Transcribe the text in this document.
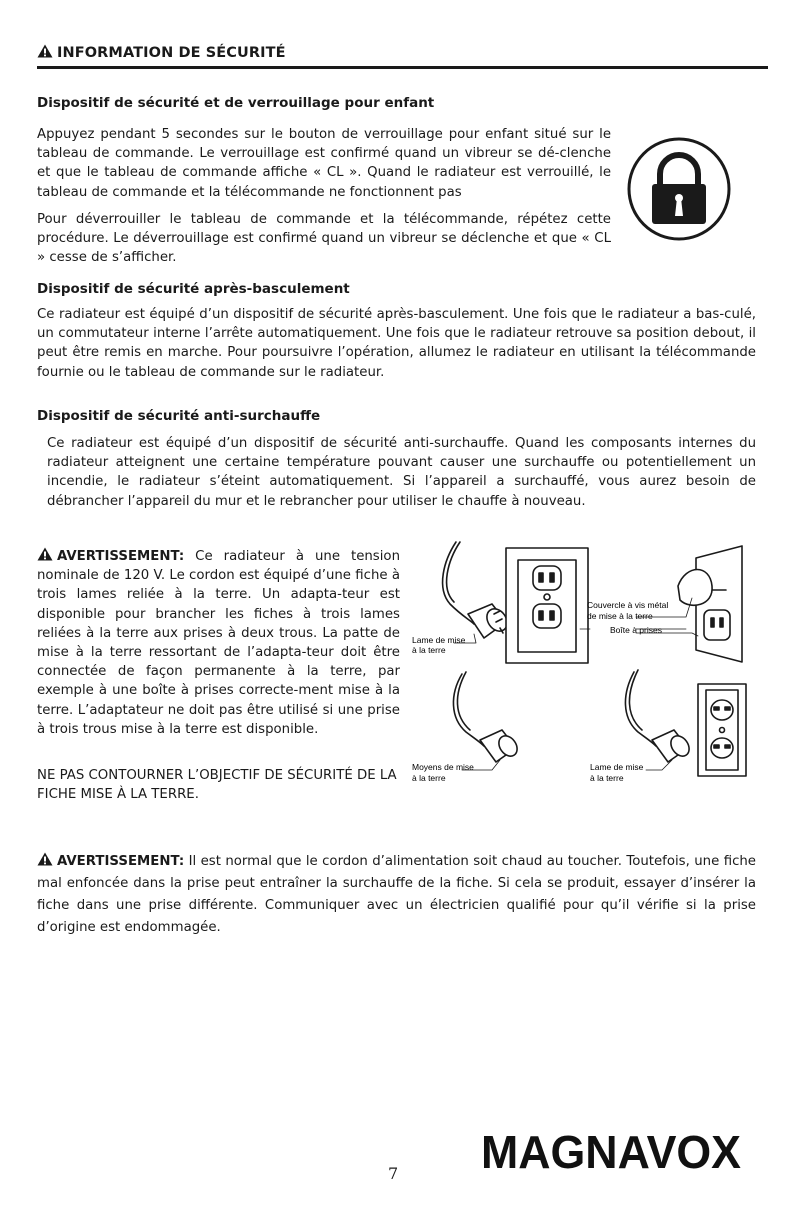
INFORMATION DE SÉCURITÉ
Dispositif de sécurité et de verrouillage pour enfant

Appuyez pendant 5 secondes sur le bouton de verrouillage pour enfant situé sur le tableau de commande. Le verrouillage est confirmé quand un vibreur se dé-clenche et que le tableau de commande affiche « CL ». Quand le radiateur est verrouillé, le tableau de commande et la télécommande ne fonctionnent pas

Pour déverrouiller le tableau de commande et la télécommande, répétez cette procédure. Le déverrouillage est confirmé quand un vibreur se déclenche et que « CL » cesse de s’afficher.

Dispositif de sécurité après-basculement

Ce radiateur est équipé d’un dispositif de sécurité après-basculement. Une fois que le radiateur a bas-culé, un commutateur interne l’arrête automatiquement. Une fois que le radiateur retrouve sa position debout, il peut être remis en marche. Pour poursuivre l’opération, allumez le radiateur en utilisant la télécommande fournie ou le tableau de commande sur le radiateur.

Dispositif de sécurité anti-surchauffe

Ce radiateur est équipé d’un dispositif de sécurité anti-surchauffe. Quand les composants internes du radiateur atteignent une certaine température pouvant causer une surchauffe ou potentiellement un incendie, le radiateur s’éteint automatiquement. Si l’appareil a surchauffé, vous aurez besoin de débrancher l’appareil du mur et le rebrancher pour utiliser le chauffe à nouveau.

AVERTISSEMENT: Ce radiateur à une tension nominale de 120 V. Le cordon est équipé d’une fiche à trois lames reliée à la terre. Un adapta-teur est disponible pour brancher les fiches à trois lames reliées à la terre aux prises à deux trous. La patte de mise à la terre ressortant de l’adapta-teur doit être connectée de façon permanente à la terre, par exemple à une boîte à prises correcte-ment mise à la terre. L’adaptateur ne doit pas être utilisé si une prise à trois trous mise à la terre est disponible.

NE PAS CONTOURNER L’OBJECTIF DE SÉCURITÉ DE LA FICHE MISE À LA TERRE.

Lame de mise
à la terre
Couvercle à vis métal
de mise à la terre
Boîte à prises
Moyens de mise
à la terre
Lame de mise
à la terre

AVERTISSEMENT: Il est normal que le cordon d’alimentation soit chaud au toucher. Toutefois, une fiche mal enfoncée dans la prise peut entraîner la surchauffe de la fiche. Si cela se produit, essayer d’insérer la fiche dans une prise différente. Communiquer avec un électricien qualifié pour qu’il vérifie si la prise d’origine est endommagée.

7 MAGNAVOX
